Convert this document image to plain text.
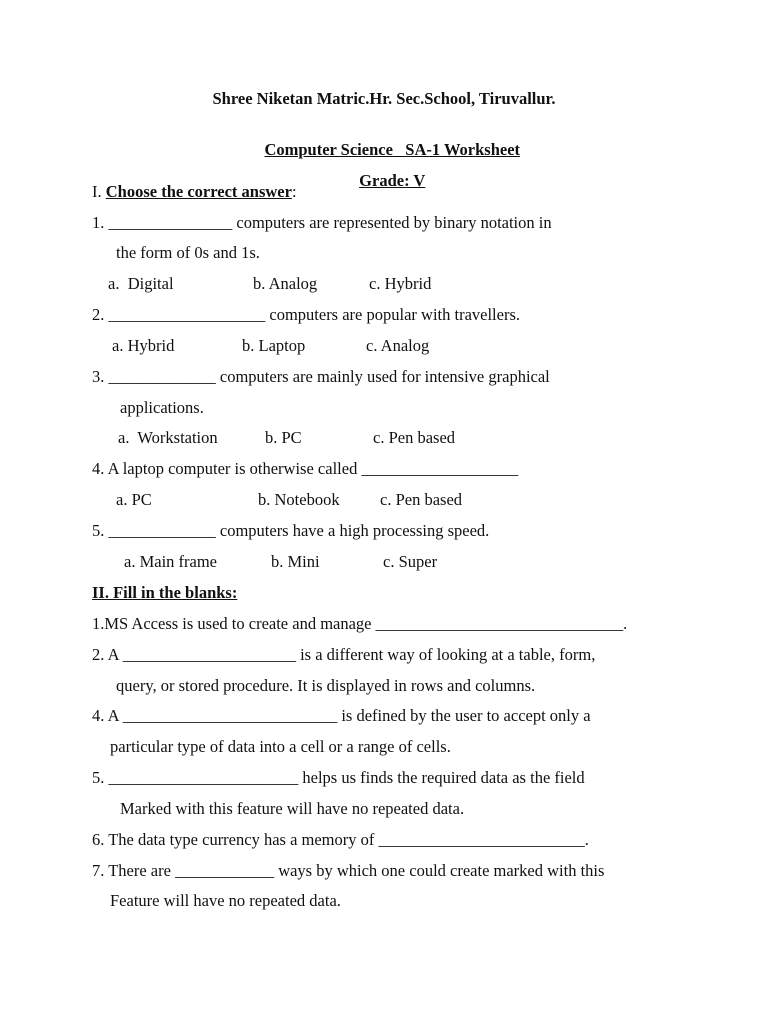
Shree Niketan Matric.Hr. Sec.School, Tiruvallur.

Computer Science   SA-1 Worksheet

Grade: V

I. Choose the correct answer:
1. _______________ computers are represented by binary notation in
the form of 0s and 1s.
a.  Digital	b. Analog	c. Hybrid
2. ___________________ computers are popular with travellers.
a. Hybrid	b. Laptop	c. Analog
3. _____________ computers are mainly used for intensive graphical
applications.
a.  Workstation	b. PC	c. Pen based
4. A laptop computer is otherwise called ___________________
a. PC	b. Notebook c. Pen based
5. _____________ computers have a high processing speed.
a. Main frame	b. Mini	c. Super
II. Fill in the blanks:
1.MS Access is used to create and manage ______________________________.
2. A _____________________ is a different way of looking at a table, form,
query, or stored procedure. It is displayed in rows and columns.
4. A __________________________ is defined by the user to accept only a
particular type of data into a cell or a range of cells.
5. _______________________ helps us finds the required data as the field
Marked with this feature will have no repeated data.
6. The data type currency has a memory of _________________________.
7. There are ____________ ways by which one could create marked with this
Feature will have no repeated data.
